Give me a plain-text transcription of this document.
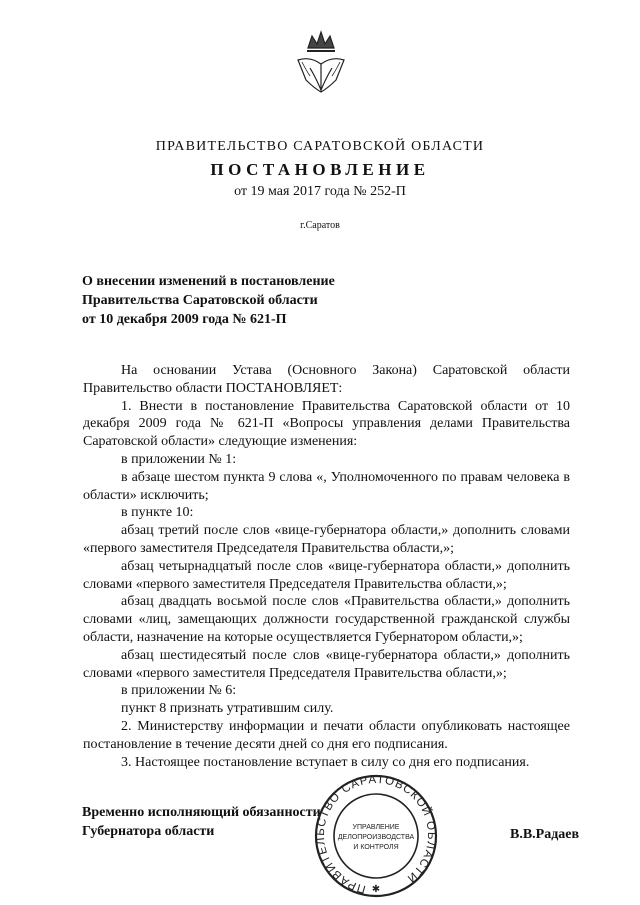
ПРАВИТЕЛЬСТВО САРАТОВСКОЙ ОБЛАСТИ
ПОСТАНОВЛЕНИЕ
от 19 мая 2017 года № 252-П
г.Саратов
О внесении изменений в постановление
Правительства Саратовской области
от 10 декабря 2009 года № 621-П

На основании Устава (Основного Закона) Саратовской области Правительство области ПОСТАНОВЛЯЕТ:

1. Внести в постановление Правительства Саратовской области от 10 декабря 2009 года № 621-П «Вопросы управления делами Правительства Саратовской области» следующие изменения:

в приложении № 1:

в абзаце шестом пункта 9 слова «, Уполномоченного по правам человека в области» исключить;

в пункте 10:

абзац третий после слов «вице-губернатора области,» дополнить словами «первого заместителя Председателя Правительства области,»;

абзац четырнадцатый после слов «вице-губернатора области,» дополнить словами «первого заместителя Председателя Правительства области,»;

абзац двадцать восьмой после слов «Правительства области,» дополнить словами «лиц, замещающих должности государственной гражданской службы области, назначение на которые осуществляется Губернатором области,»;

абзац шестидесятый после слов «вице-губернатора области,» дополнить словами «первого заместителя Председателя Правительства области,»;

в приложении № 6:

пункт 8 признать утратившим силу.

2. Министерству информации и печати области опубликовать настоящее постановление в течение десяти дней со дня его подписания.

3. Настоящее постановление вступает в силу со дня его подписания.

Временно исполняющий обязанности
Губернатора области	В.В.Радаев
ПРАВИТЕЛЬСТВО САРАТОВСКОЙ ОБЛАСТИ
УПРАВЛЕНИЕ
ДЕЛОПРОИЗВОДСТВА
И КОНТРОЛЯ
✱
